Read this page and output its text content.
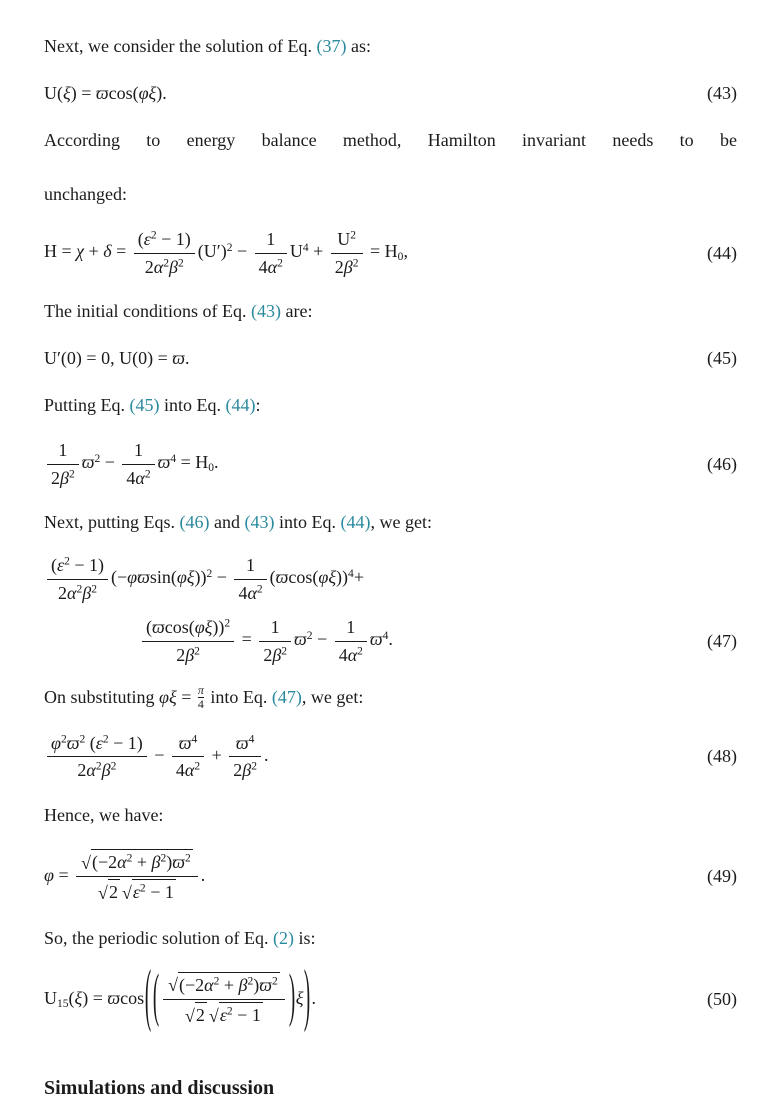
Next, we consider the solution of Eq. (37) as:

U(ξ) = ϖcos(φξ).	(43)

According to energy balance method, Hamilton invariant needs to beunchanged:

$H = \chi + \delta = \frac{(\varepsilon^2 - 1)}{2\alpha^2\beta^2} (U')^2 - \frac{1}{4\alpha^2} U^4 + \frac{U^2}{2\beta^2} = H_0$,	(44)

The initial conditions of Eq. (43) are:

U′(0) = 0, U(0) = ϖ.	(45)

Putting Eq. (45) into Eq. (44):

$\frac{1}{2\beta^2} ϖ^2 - \frac{1}{4\alpha^2} ϖ^4 = H_0$.	(46)

Next, putting Eqs. (46) and (43) into Eq. (44), we get:

$\frac{(\varepsilon^2 - 1)}{2\alpha^2\beta^2} (-\varphi ϖ\sin(\varphi\xi))^2 - \frac{1}{4\alpha^2} (ϖ\cos(\varphi\xi))^4+$
$\frac{(ϖ\cos(\varphi\xi))^2}{2\beta^2} = \frac{1}{2\beta^2} ϖ^2 - \frac{1}{4\alpha^2} ϖ^4$.	(47)

On substituting $\varphi\xi = \frac{\pi}{4}$ into Eq. (47), we get:

$\frac{\varphi^2ϖ^2 (\varepsilon^2 - 1)}{2\alpha^2\beta^2} - \frac{ϖ^4}{4\alpha^2} + \frac{ϖ^4}{2\beta^2}$ .	(48)

Hence, we have:

φ = √ $(-2\alpha^2 + \beta^2)ϖ^2$
√ 2 √ $\varepsilon^2 - 1$ .	(49)

So, the periodic solution of Eq. (2) is:

$U_{15}(\xi) = ϖ\cos$(( √ $(-2\alpha^2 + \beta^2)ϖ^2$
√ 2 √ $\varepsilon^2 - 1$ )ξ).	(50)
Simulations and discussion
